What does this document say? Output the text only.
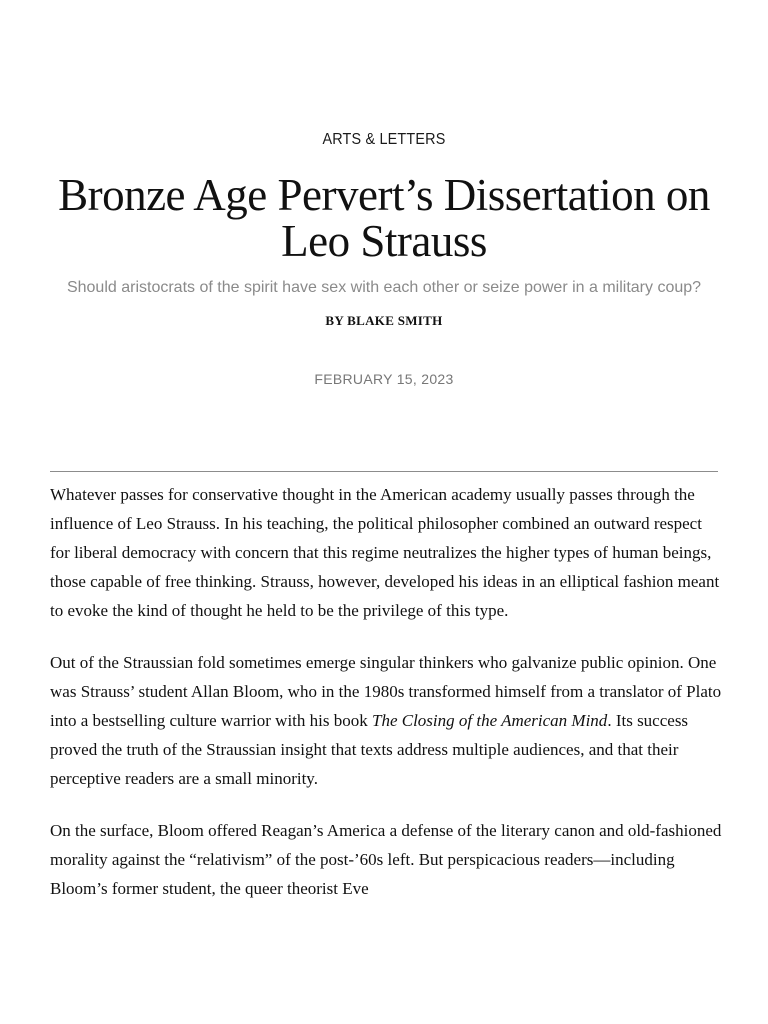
ARTS & LETTERS

Bronze Age Pervert’s Dissertation on Leo Strauss

Should aristocrats of the spirit have sex with each other or seize power in a military coup?

BY BLAKE SMITH

FEBRUARY 15, 2023

Whatever passes for conservative thought in the American academy usually passes through the influence of Leo Strauss. In his teaching, the political philosopher combined an outward respect for liberal democracy with concern that this regime neutralizes the higher types of human beings, those capable of free thinking. Strauss, however, developed his ideas in an elliptical fashion meant to evoke the kind of thought he held to be the privilege of this type.

Out of the Straussian fold sometimes emerge singular thinkers who galvanize public opinion. One was Strauss’ student Allan Bloom, who in the 1980s transformed himself from a translator of Plato into a bestselling culture warrior with his book The Closing of the American Mind. Its success proved the truth of the Straussian insight that texts address multiple audiences, and that their perceptive readers are a small minority.

On the surface, Bloom offered Reagan’s America a defense of the literary canon and old-fashioned morality against the “relativism” of the post-’60s left. But perspicacious readers—including Bloom’s former student, the queer theorist Eve
